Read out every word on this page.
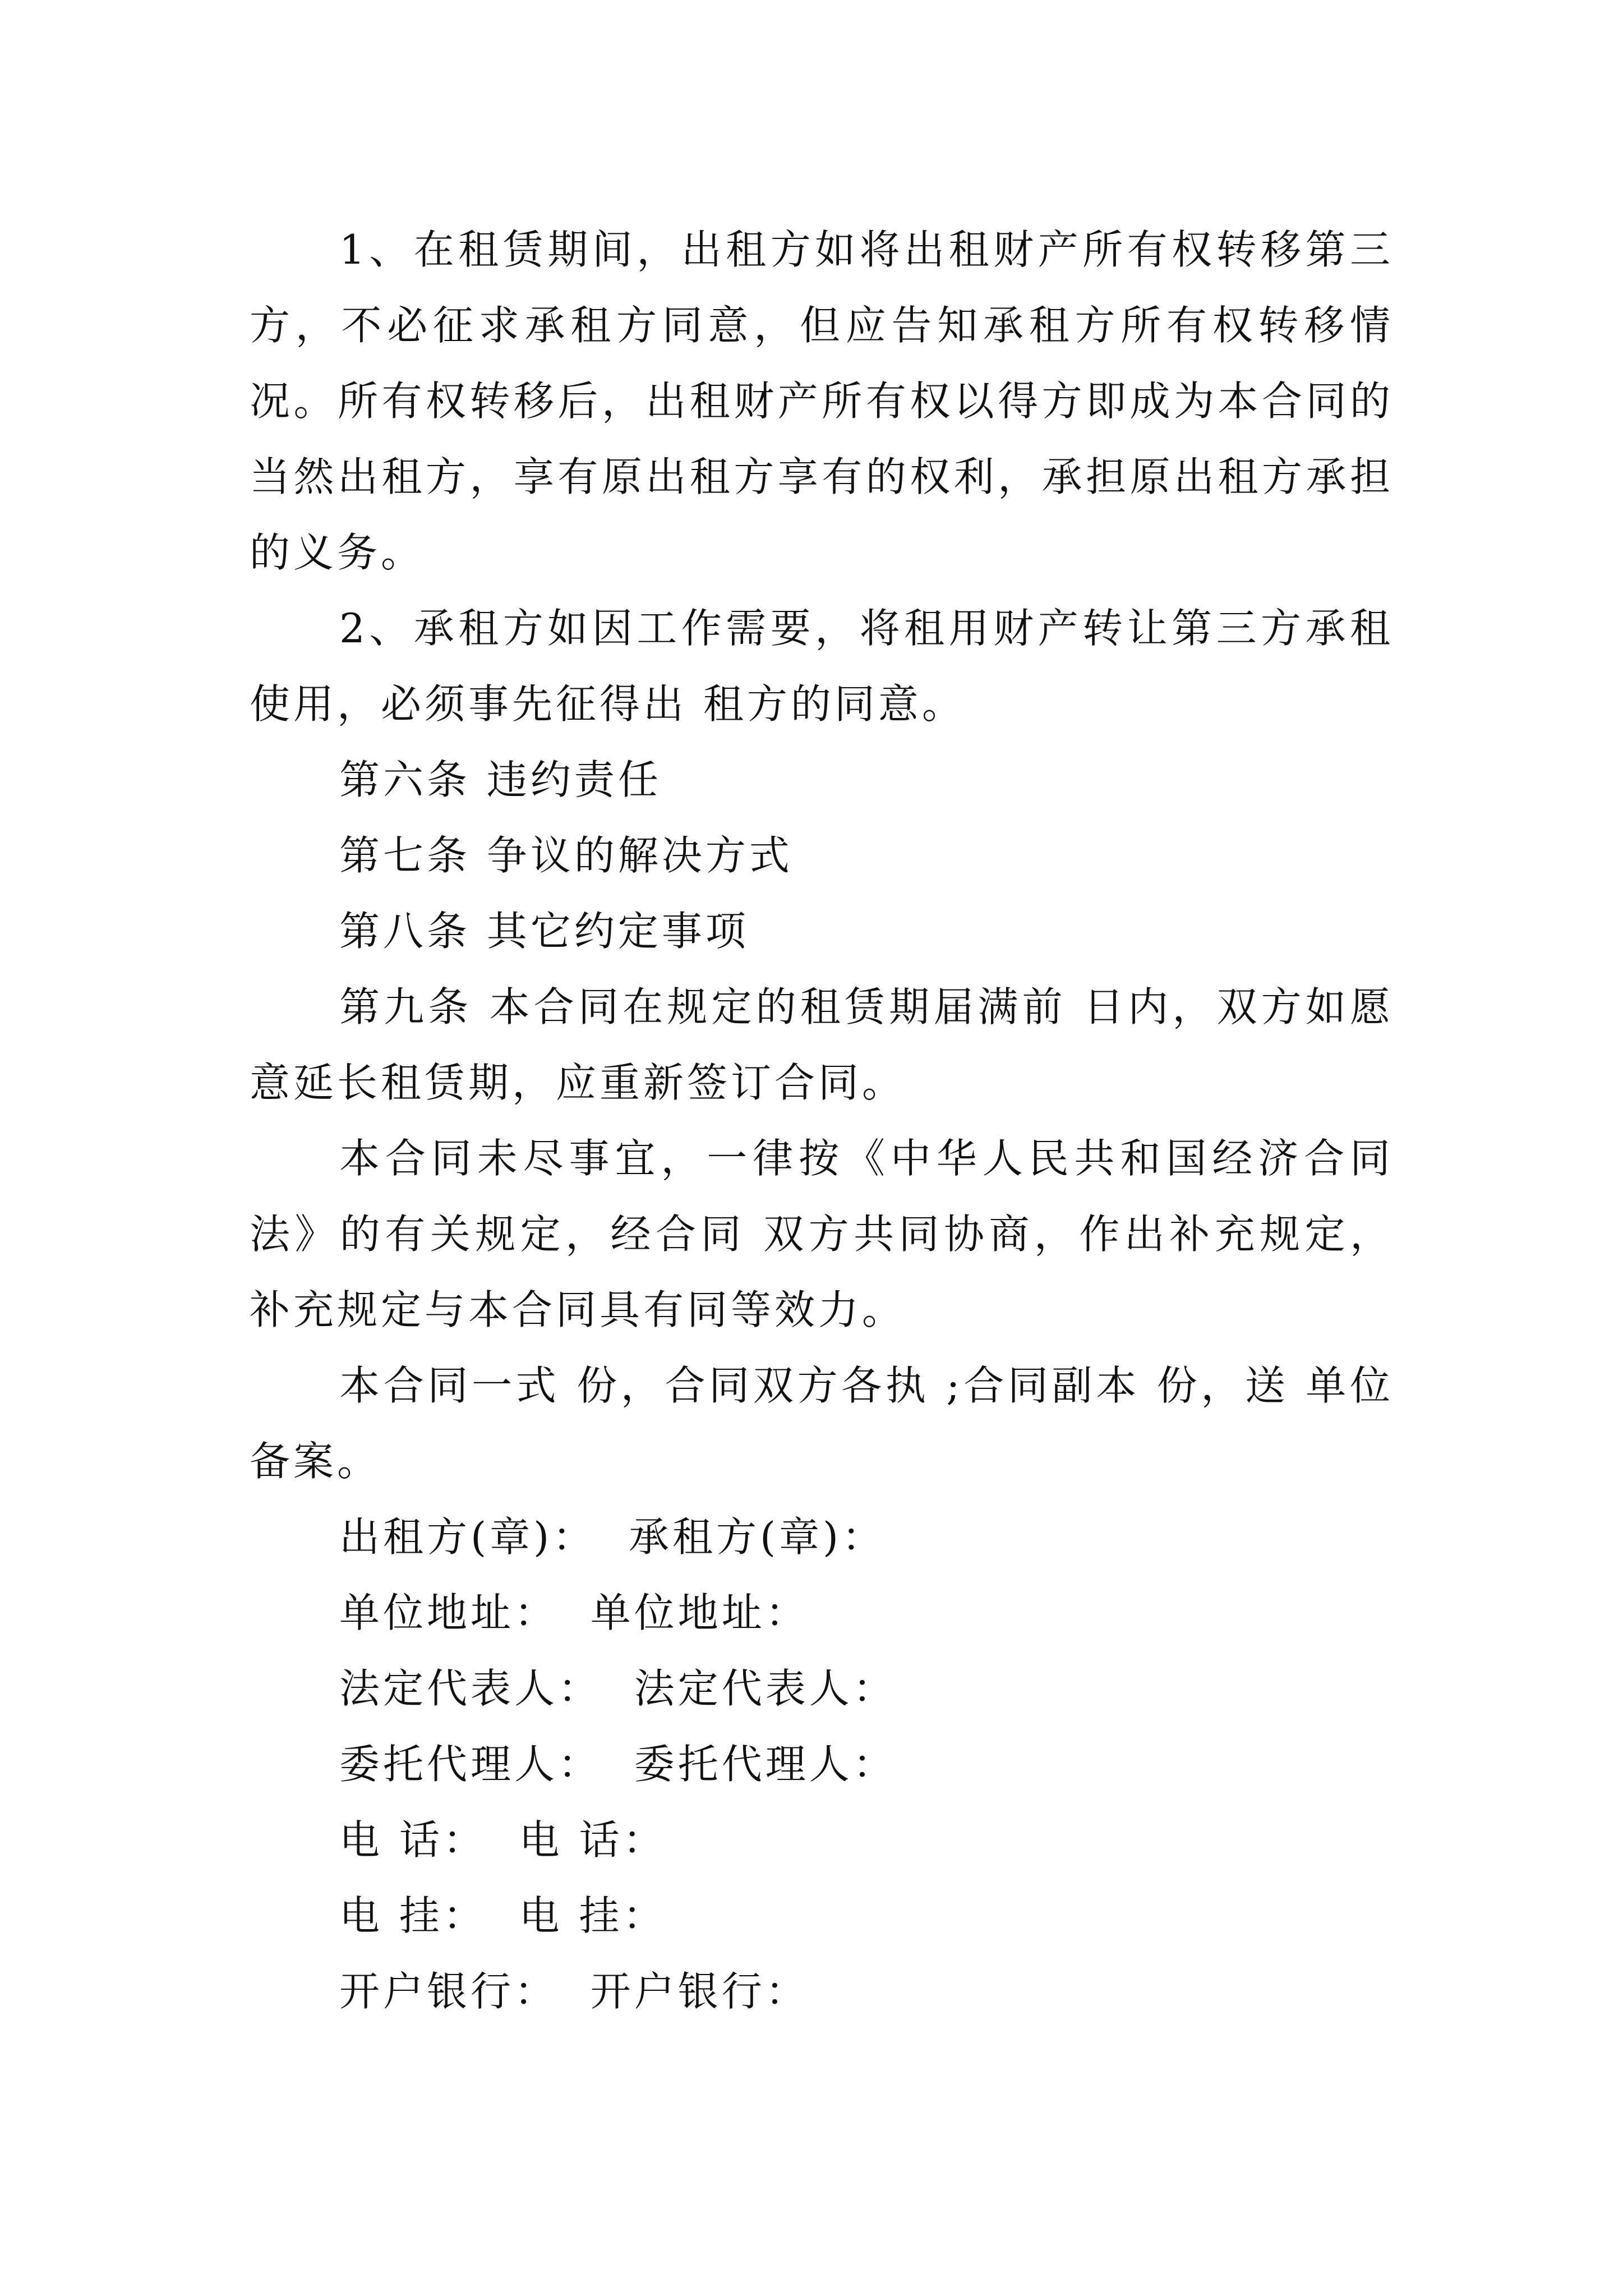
1、在租赁期间，出租方如将出租财产所有权转移第三方，不必征求承租方同意，但应告知承租方所有权转移情况。所有权转移后，出租财产所有权以得方即成为本合同的当然出租方，享有原出租方享有的权利，承担原出租方承担的义务。

2、承租方如因工作需要，将租用财产转让第三方承租使用，必须事先征得出 租方的同意。

第六条 违约责任

第七条 争议的解决方式

第八条 其它约定事项

第九条 本合同在规定的租赁期届满前 日内，双方如愿意延长租赁期，应重新签订合同。

本合同未尽事宜，一律按《中华人民共和国经济合同法》的有关规定，经合同 双方共同协商，作出补充规定，补充规定与本合同具有同等效力。

本合同一式 份，合同双方各执 ;合同副本 份，送 单位备案。

出租方(章)：  承租方(章)：

单位地址：  单位地址：

法定代表人：  法定代表人：

委托代理人：  委托代理人：

电 话：  电 话：

电 挂：  电 挂：

开户银行：  开户银行：
